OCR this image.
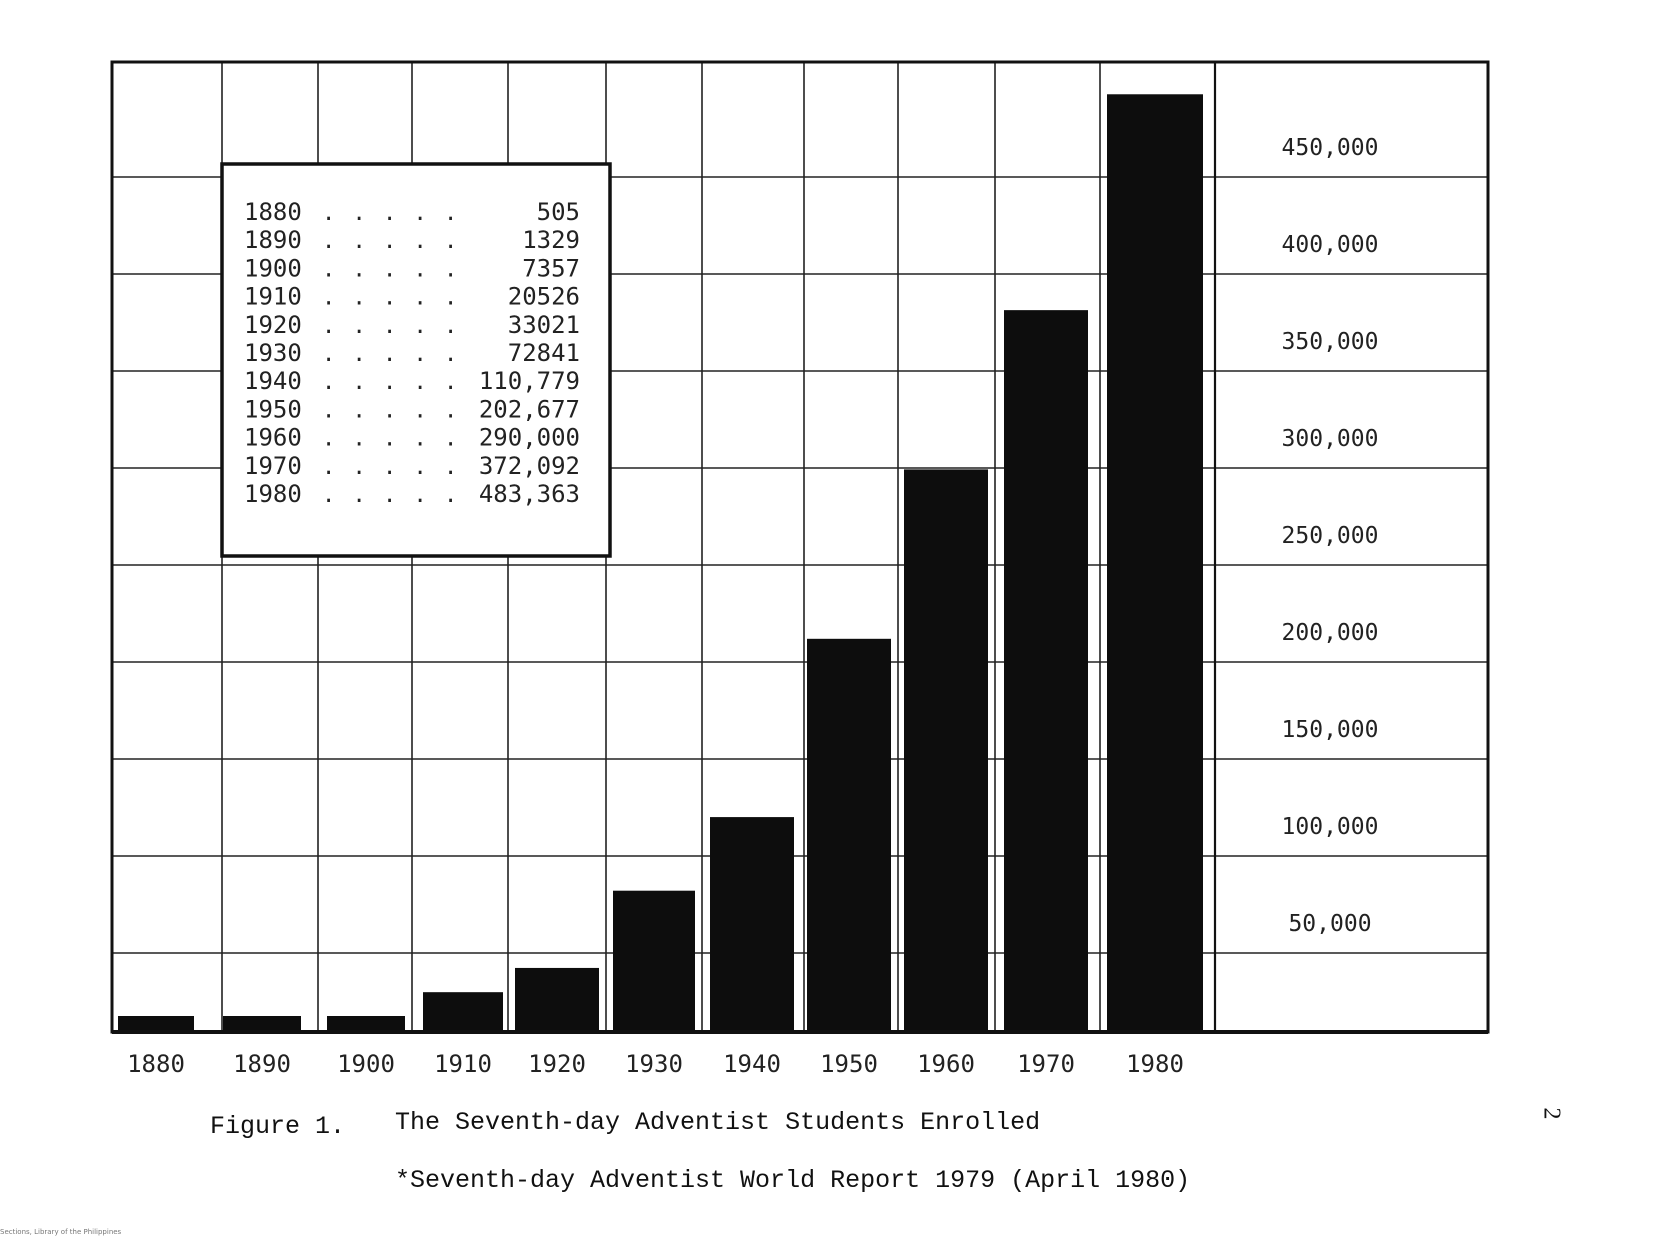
1880 . . . . .	505
1890 . . . . .	1329
1900 . . . . .	7357
1910 . . . . . 20526
1920 . . . . . 33021
1930 . . . . . 72841
1940 . . . . . 110,779
1950 . . . . . 202,677
1960 . . . . . 290,000
1970 . . . . . 372,092
1980 . . . . . 483,363
50,000
100,000
150,000
200,000
250,000
300,000
350,000
400,000
450,000
1880 1890 1900 1910 1920 1930 1940 1950 1960 1970 1980
Figure 1. The Seventh-day Adventist Students Enrolled
*Seventh-day Adventist World Report 1979 (April 1980)
2
Sections, Library of the Philippines
